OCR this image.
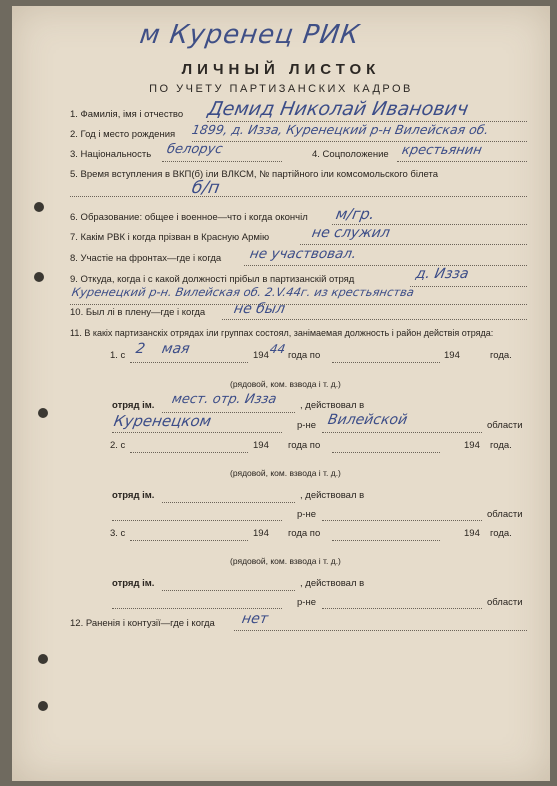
м Куренец РИК
ЛИЧНЫЙ ЛИСТОК
ПО УЧЕТУ ПАРТИЗАНСКИХ КАДРОВ
1. Фамилія, імя і отчество Демид Николай Иванович
2. Год і место рождения 1899, д. Изза, Куренецкий р-н Вилейская об.
3. Національность белорус	4. Соцположение крестьянин
5. Время вступления в ВКП(б) іли ВЛКСМ, № партійного іли комсомольского білета
б/п
6. Образование: общее і военное—что і когда окончіл м/гр.
7. Какім РВК і когда прізван в Красную Армію	не служил
8. Участіе на фронтах—где і когда не участвовал.
9. Откуда, когда і с какой должності прібыл в партизанскій отряд	д. Изза
Куренецкий р-н. Вилейская об. 2.V.44г. из крестьянства
10. Был лі в плену—где і когда не был
11. В какіх партизанскіх отрядах іли группах состоял, занімаемая должность і район действія отряда:
1. с 2 мая	194 44 года по	194	года.
(рядовой, ком. взвода і т. д.)
отряд ім. мест. отр. Изза , действовал в
Куренецком	р-не Вилейской	области
2. с	194 года по	194 года.
(рядовой, ком. взвода і т. д.)
отряд ім.	, действовал в
р-не	области
3. с	194 года по	194 года.
(рядовой, ком. взвода і т. д.)
отряд ім.	, действовал в
р-не	области
12. Раненія і контузії—где і когда нет
